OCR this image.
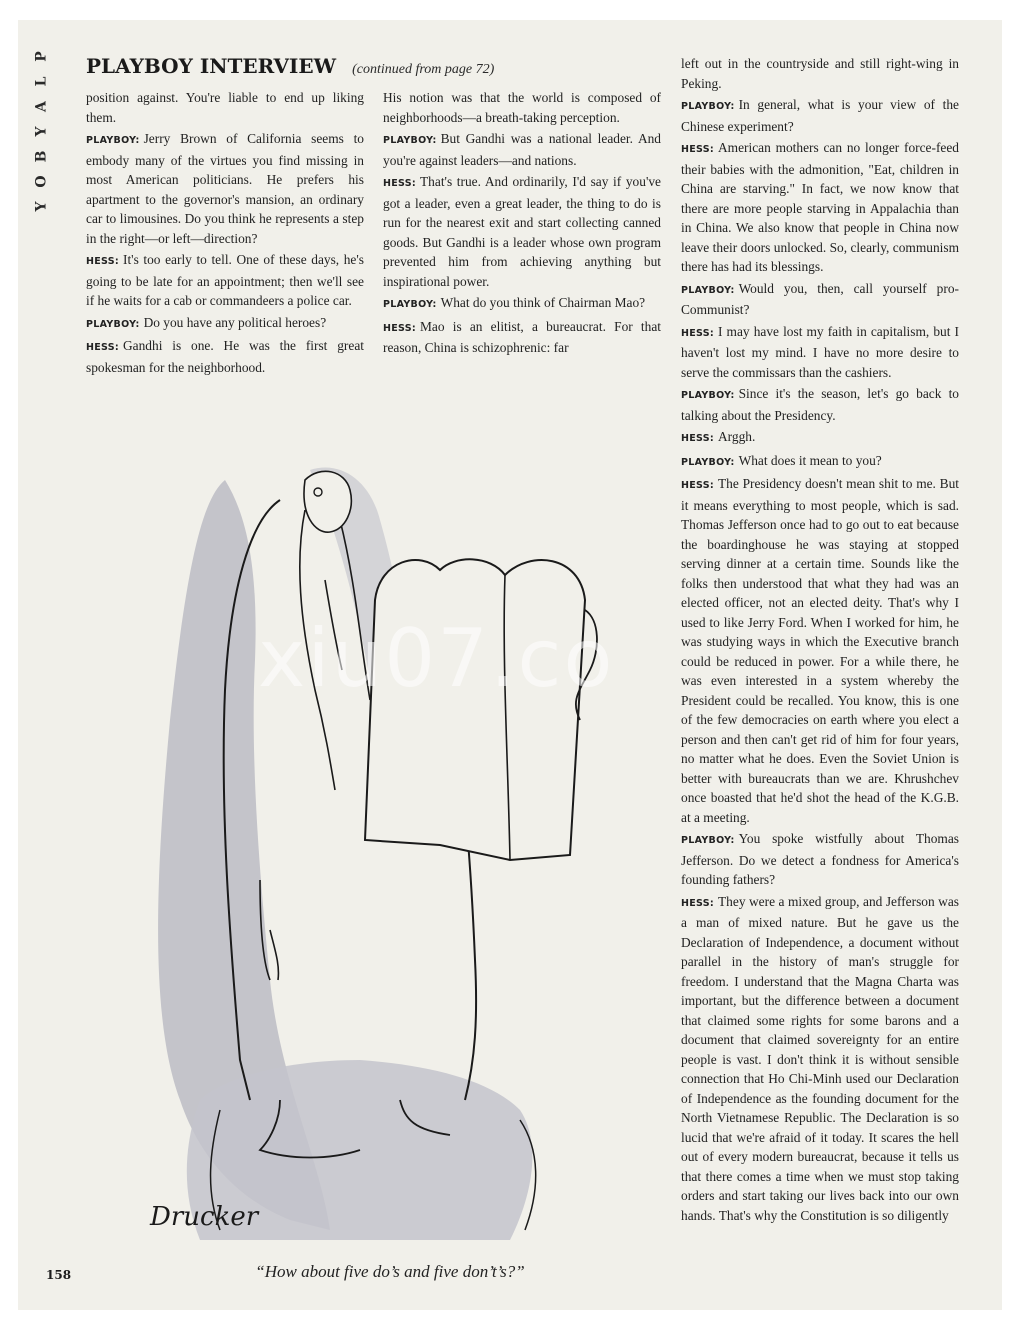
P
L
A
Y
B
O
Y
PLAYBOY INTERVIEW (continued from page 72)

position against. You're liable to end up liking them.

PLAYBOY: Jerry Brown of California seems to embody many of the virtues you find missing in most American politicians. He prefers his apartment to the governor's mansion, an ordinary car to limousines. Do you think he represents a step in the right—or left—direction?

HESS: It's too early to tell. One of these days, he's going to be late for an appointment; then we'll see if he waits for a cab or commandeers a police car.

PLAYBOY: Do you have any political heroes?

HESS: Gandhi is one. He was the first great spokesman for the neighborhood.

His notion was that the world is composed of neighborhoods—a breath-taking perception.

PLAYBOY: But Gandhi was a national leader. And you're against leaders—and nations.

HESS: That's true. And ordinarily, I'd say if you've got a leader, even a great leader, the thing to do is run for the nearest exit and start collecting canned goods. But Gandhi is a leader whose own program prevented him from achieving anything but inspirational power.

PLAYBOY: What do you think of Chairman Mao?

HESS: Mao is an elitist, a bureaucrat. For that reason, China is schizophrenic: far

left out in the countryside and still right-wing in Peking.

PLAYBOY: In general, what is your view of the Chinese experiment?

HESS: American mothers can no longer force-feed their babies with the admonition, "Eat, children in China are starving." In fact, we now know that there are more people starving in Appalachia than in China. We also know that people in China now leave their doors unlocked. So, clearly, communism there has had its blessings.

PLAYBOY: Would you, then, call yourself pro-Communist?

HESS: I may have lost my faith in capitalism, but I haven't lost my mind. I have no more desire to serve the commissars than the cashiers.

PLAYBOY: Since it's the season, let's go back to talking about the Presidency.

HESS: Arggh.

PLAYBOY: What does it mean to you?

HESS: The Presidency doesn't mean shit to me. But it means everything to most people, which is sad. Thomas Jefferson once had to go out to eat because the boardinghouse he was staying at stopped serving dinner at a certain time. Sounds like the folks then understood that what they had was an elected officer, not an elected deity. That's why I used to like Jerry Ford. When I worked for him, he was studying ways in which the Executive branch could be reduced in power. For a while there, he was even interested in a system whereby the President could be recalled. You know, this is one of the few democracies on earth where you elect a person and then can't get rid of him for four years, no matter what he does. Even the Soviet Union is better with bureaucrats than we are. Khrushchev once boasted that he'd shot the head of the K.G.B. at a meeting.

PLAYBOY: You spoke wistfully about Thomas Jefferson. Do we detect a fondness for America's founding fathers?

HESS: They were a mixed group, and Jefferson was a man of mixed nature. But he gave us the Declaration of Independence, a document without parallel in the history of man's struggle for freedom. I understand that the Magna Charta was important, but the difference between a document that claimed some rights for some barons and a document that claimed sovereignty for an entire people is vast. I don't think it is without sensible connection that Ho Chi-Minh used our Declaration of Independence as the founding document for the North Vietnamese Republic. The Declaration is so lucid that we're afraid of it today. It scares the hell out of every modern bureaucrat, because it tells us that there comes a time when we must stop taking orders and start taking our lives back into our own hands. That's why the Constitution is so diligently

Drucker
xiu07.co
“How about five do’s and five don’t’s?”
158
